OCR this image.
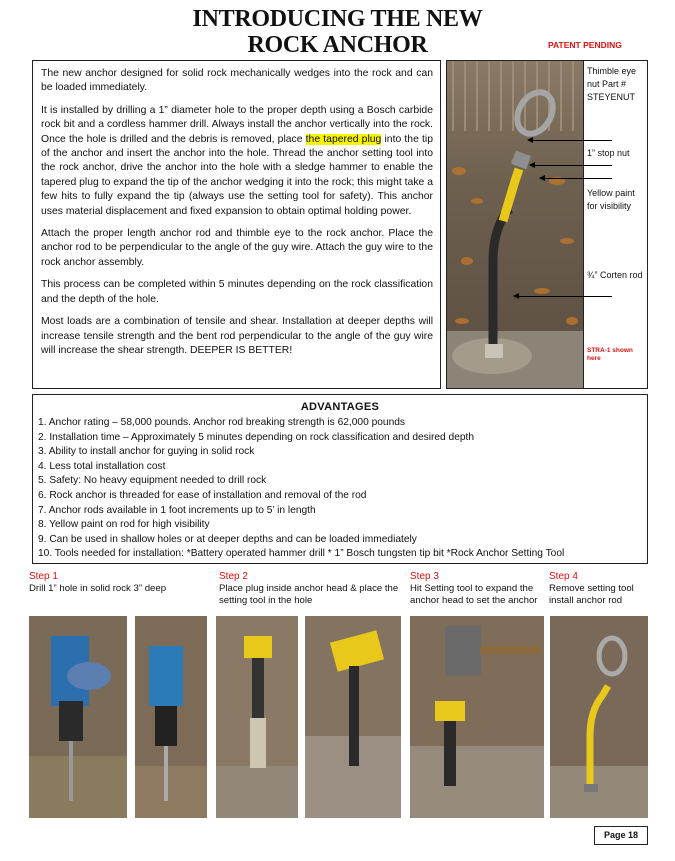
INTRODUCING THE NEW
ROCK ANCHOR	PATENT PENDING

The new anchor designed for solid rock mechanically wedges into the rock and can be loaded immediately.

It is installed by drilling a 1” diameter hole to the proper depth using a Bosch carbide rock bit and a cordless hammer drill. Always install the anchor vertically into the rock. Once the hole is drilled and the debris is removed, place the tapered plug into the tip of the anchor and insert the anchor into the hole. Thread the anchor setting tool into the rock anchor, drive the anchor into the hole with a sledge hammer to enable the tapered plug to expand the tip of the anchor wedging it into the rock; this might take a few hits to fully expand the tip (always use the setting tool for safety). This anchor uses material displacement and fixed expansion to obtain optimal holding power.

Attach the proper length anchor rod and thimble eye to the rock anchor. Place the anchor rod to be perpendicular to the angle of the guy wire. Attach the guy wire to the rock anchor assembly.

This process can be completed within 5 minutes depending on the rock classification and the depth of the hole.

Most loads are a combination of tensile and shear. Installation at deeper depths will increase tensile strength and the bent rod perpendicular to the angle of the guy wire will increase the shear strength. DEEPER IS BETTER!

Thimble eye nut Part # STEYENUT
1” stop nut
Yellow paint for visibility
¾” Corten rod
STRA-1 shown here
ADVANTAGES
1. Anchor rating – 58,000 pounds. Anchor rod breaking strength is 62,000 pounds
2. Installation time – Approximately 5 minutes depending on rock classification and desired depth
3. Ability to install anchor for guying in solid rock
4. Less total installation cost
5. Safety: No heavy equipment needed to drill rock
6. Rock anchor is threaded for ease of installation and removal of the rod
7. Anchor rods available in 1 foot increments up to 5’ in length
8. Yellow paint on rod for high visibility
9. Can be used in shallow holes or at deeper depths and can be loaded immediately
10. Tools needed for installation: *Battery operated hammer drill * 1” Bosch tungsten tip bit *Rock Anchor Setting Tool
Step 1
Drill 1” hole in solid rock 3” deep
Step 2
Place plug inside anchor head & place the setting tool in the hole
Step 3
Hit Setting tool to expand the anchor head to set the anchor
Step 4
Remove setting tool install anchor rod
Page 18
